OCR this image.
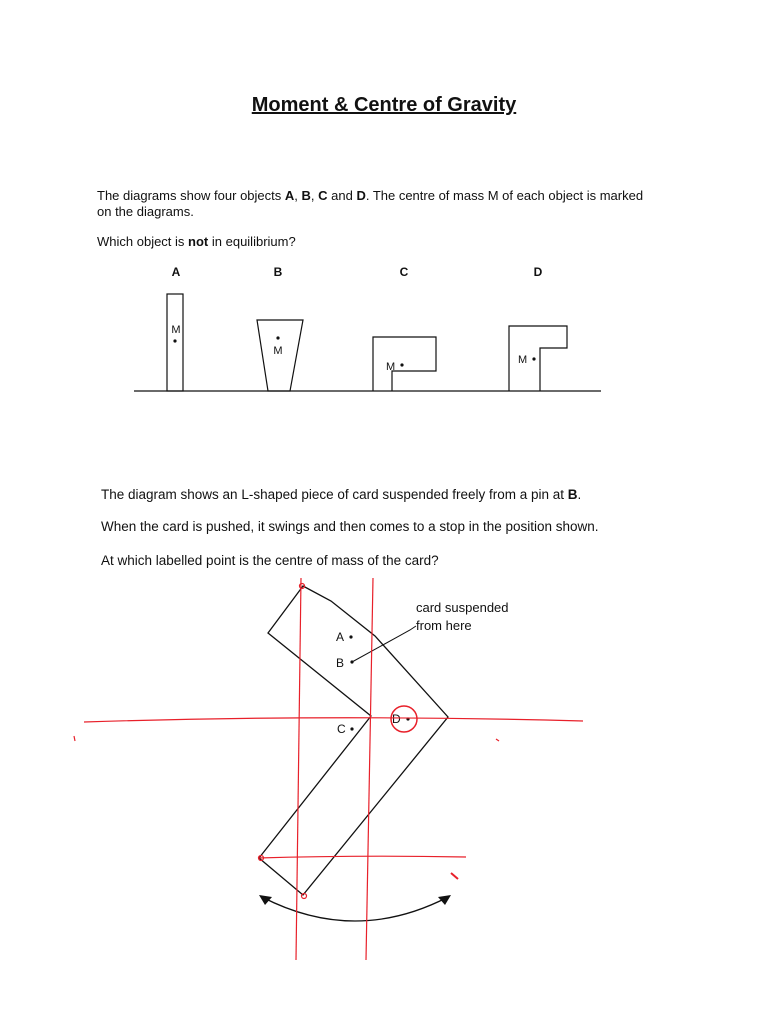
Moment & Centre of Gravity
The diagrams show four objects A, B, C and D. The centre of mass M of each object is marked
on the diagrams.
Which object is not in equilibrium?
The diagram shows an L-shaped piece of card suspended freely from a pin at B.
When the card is pushed, it swings and then comes to a stop in the position shown.
At which labelled point is the centre of mass of the card?
A	B	C	D
M
M
M
M
A
B
C
D
card suspended
from here
